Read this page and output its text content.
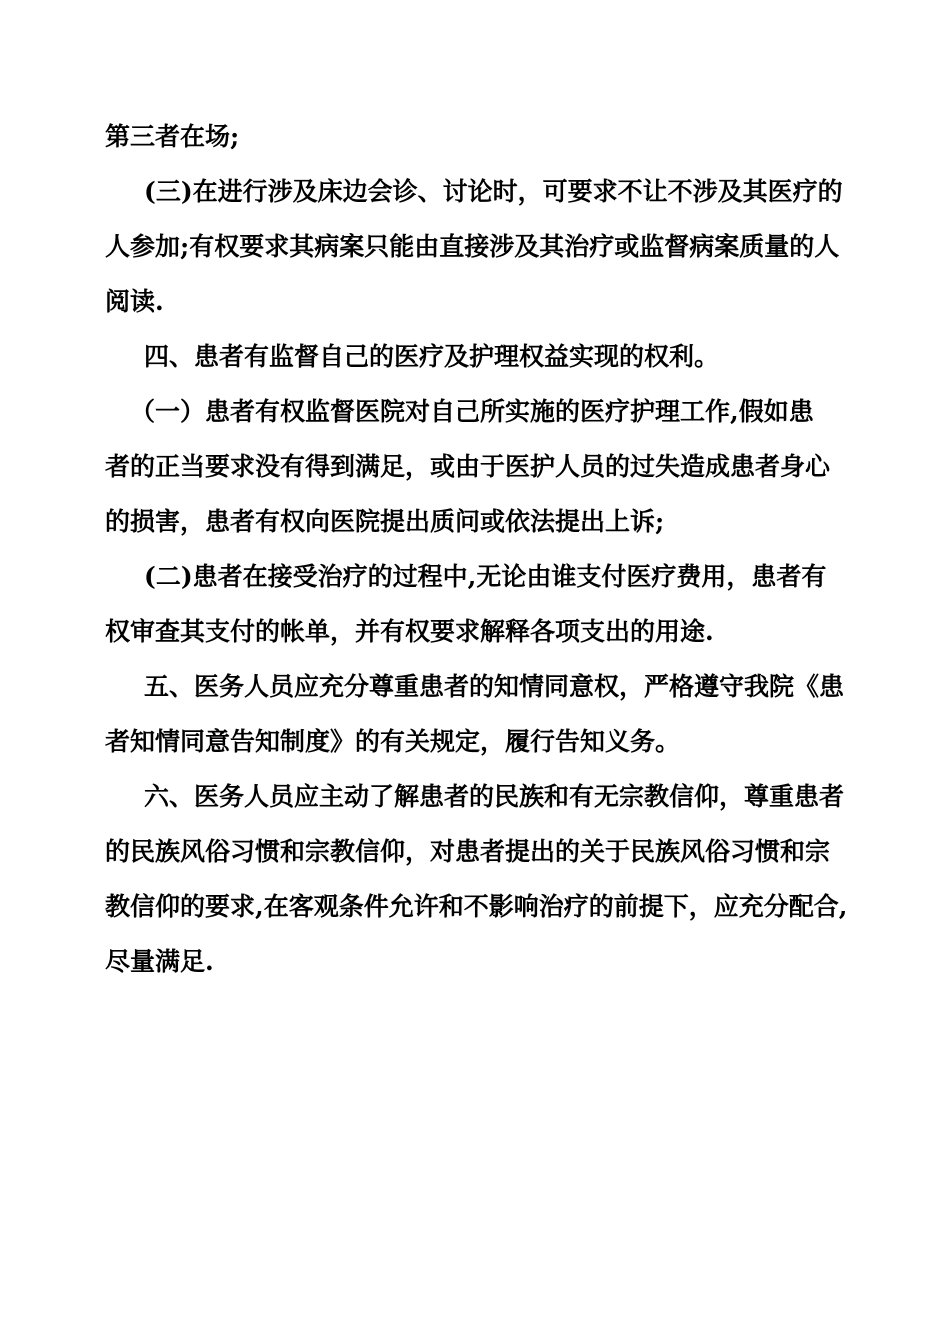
第三者在场;
(三)在进行涉及床边会诊、讨论时，可要求不让不涉及其医疗的
人参加;有权要求其病案只能由直接涉及其治疗或监督病案质量的人
阅读.
四、患者有监督自己的医疗及护理权益实现的权利。
（一）患者有权监督医院对自己所实施的医疗护理工作,假如患
者的正当要求没有得到满足，或由于医护人员的过失造成患者身心
的损害，患者有权向医院提出质问或依法提出上诉;
(二)患者在接受治疗的过程中,无论由谁支付医疗费用，患者有
权审查其支付的帐单，并有权要求解释各项支出的用途.
五、医务人员应充分尊重患者的知情同意权，严格遵守我院《患
者知情同意告知制度》的有关规定，履行告知义务。
六、医务人员应主动了解患者的民族和有无宗教信仰，尊重患者
的民族风俗习惯和宗教信仰，对患者提出的关于民族风俗习惯和宗
教信仰的要求,在客观条件允许和不影响治疗的前提下，应充分配合,
尽量满足.
